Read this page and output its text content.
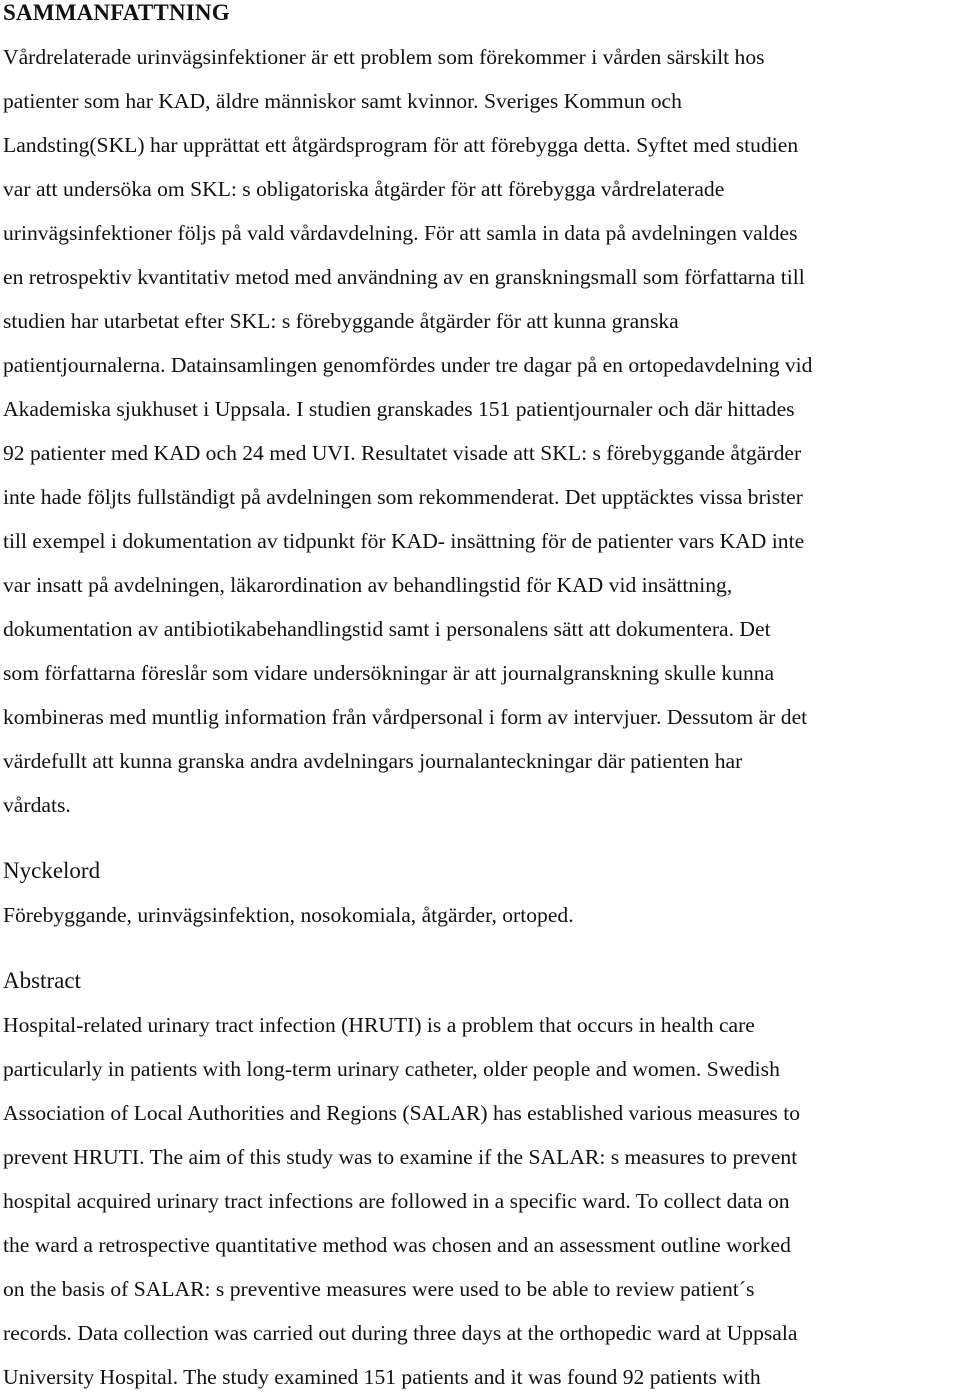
SAMMANFATTNING
Vårdrelaterade urinvägsinfektioner är ett problem som förekommer i vården särskilt hos
patienter som har KAD, äldre människor samt kvinnor. Sveriges Kommun och
Landsting(SKL) har upprättat ett åtgärdsprogram för att förebygga detta. Syftet med studien
var att undersöka om SKL: s obligatoriska åtgärder för att förebygga vårdrelaterade
urinvägsinfektioner följs på vald vårdavdelning. För att samla in data på avdelningen valdes
en retrospektiv kvantitativ metod med användning av en granskningsmall som författarna till
studien har utarbetat efter SKL: s förebyggande åtgärder för att kunna granska
patientjournalerna. Datainsamlingen genomfördes under tre dagar på en ortopedavdelning vid
Akademiska sjukhuset i Uppsala. I studien granskades 151 patientjournaler och där hittades
92 patienter med KAD och 24 med UVI. Resultatet visade att SKL: s förebyggande åtgärder
inte hade följts fullständigt på avdelningen som rekommenderat. Det upptäcktes vissa brister
till exempel i dokumentation av tidpunkt för KAD- insättning för de patienter vars KAD inte
var insatt på avdelningen, läkarordination av behandlingstid för KAD vid insättning,
dokumentation av antibiotikabehandlingstid samt i personalens sätt att dokumentera. Det
som författarna föreslår som vidare undersökningar är att journalgranskning skulle kunna
kombineras med muntlig information från vårdpersonal i form av intervjuer. Dessutom är det
värdefullt att kunna granska andra avdelningars journalanteckningar där patienten har
vårdats.
Nyckelord
Förebyggande, urinvägsinfektion, nosokomiala, åtgärder, ortoped.
Abstract
Hospital-related urinary tract infection (HRUTI) is a problem that occurs in health care
particularly in patients with long-term urinary catheter, older people and women. Swedish
Association of Local Authorities and Regions (SALAR) has established various measures to
prevent HRUTI. The aim of this study was to examine if the SALAR: s measures to prevent
hospital acquired urinary tract infections are followed in a specific ward. To collect data on
the ward a retrospective quantitative method was chosen and an assessment outline worked
on the basis of SALAR: s preventive measures were used to be able to review patient´s
records. Data collection was carried out during three days at the orthopedic ward at Uppsala
University Hospital. The study examined 151 patients and it was found 92 patients with
